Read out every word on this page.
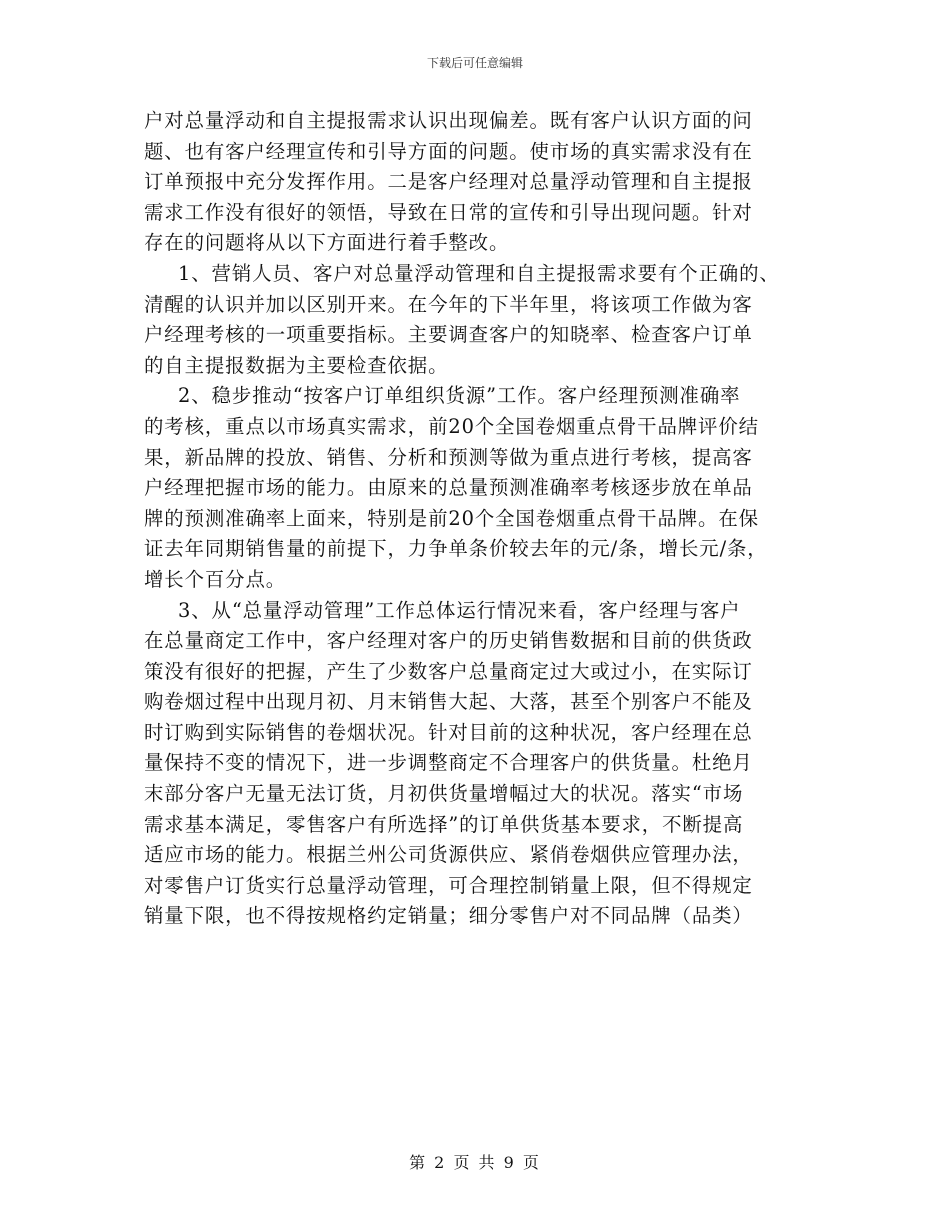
下载后可任意编辑
户对总量浮动和自主提报需求认识出现偏差。既有客户认识方面的问
题、也有客户经理宣传和引导方面的问题。使市场的真实需求没有在
订单预报中充分发挥作用。二是客户经理对总量浮动管理和自主提报
需求工作没有很好的领悟，导致在日常的宣传和引导出现问题。针对
存在的问题将从以下方面进行着手整改。
1、营销人员、客户对总量浮动管理和自主提报需求要有个正确的、
清醒的认识并加以区别开来。在今年的下半年里，将该项工作做为客
户经理考核的一项重要指标。主要调查客户的知晓率、检查客户订单
的自主提报数据为主要检查依据。
2、稳步推动“按客户订单组织货源”工作。客户经理预测准确率
的考核，重点以市场真实需求，前20个全国卷烟重点骨干品牌评价结
果，新品牌的投放、销售、分析和预测等做为重点进行考核，提高客
户经理把握市场的能力。由原来的总量预测准确率考核逐步放在单品
牌的预测准确率上面来，特别是前20个全国卷烟重点骨干品牌。在保
证去年同期销售量的前提下，力争单条价较去年的元/条，增长元/条，
增长个百分点。
3、从“总量浮动管理”工作总体运行情况来看，客户经理与客户
在总量商定工作中，客户经理对客户的历史销售数据和目前的供货政
策没有很好的把握，产生了少数客户总量商定过大或过小，在实际订
购卷烟过程中出现月初、月末销售大起、大落，甚至个别客户不能及
时订购到实际销售的卷烟状况。针对目前的这种状况，客户经理在总
量保持不变的情况下，进一步调整商定不合理客户的供货量。杜绝月
末部分客户无量无法订货，月初供货量增幅过大的状况。落实“市场
需求基本满足，零售客户有所选择”的订单供货基本要求，不断提高
适应市场的能力。根据兰州公司货源供应、紧俏卷烟供应管理办法，
对零售户订货实行总量浮动管理，可合理控制销量上限，但不得规定
销量下限，也不得按规格约定销量；细分零售户对不同品牌（品类）
第 2 页 共 9 页
